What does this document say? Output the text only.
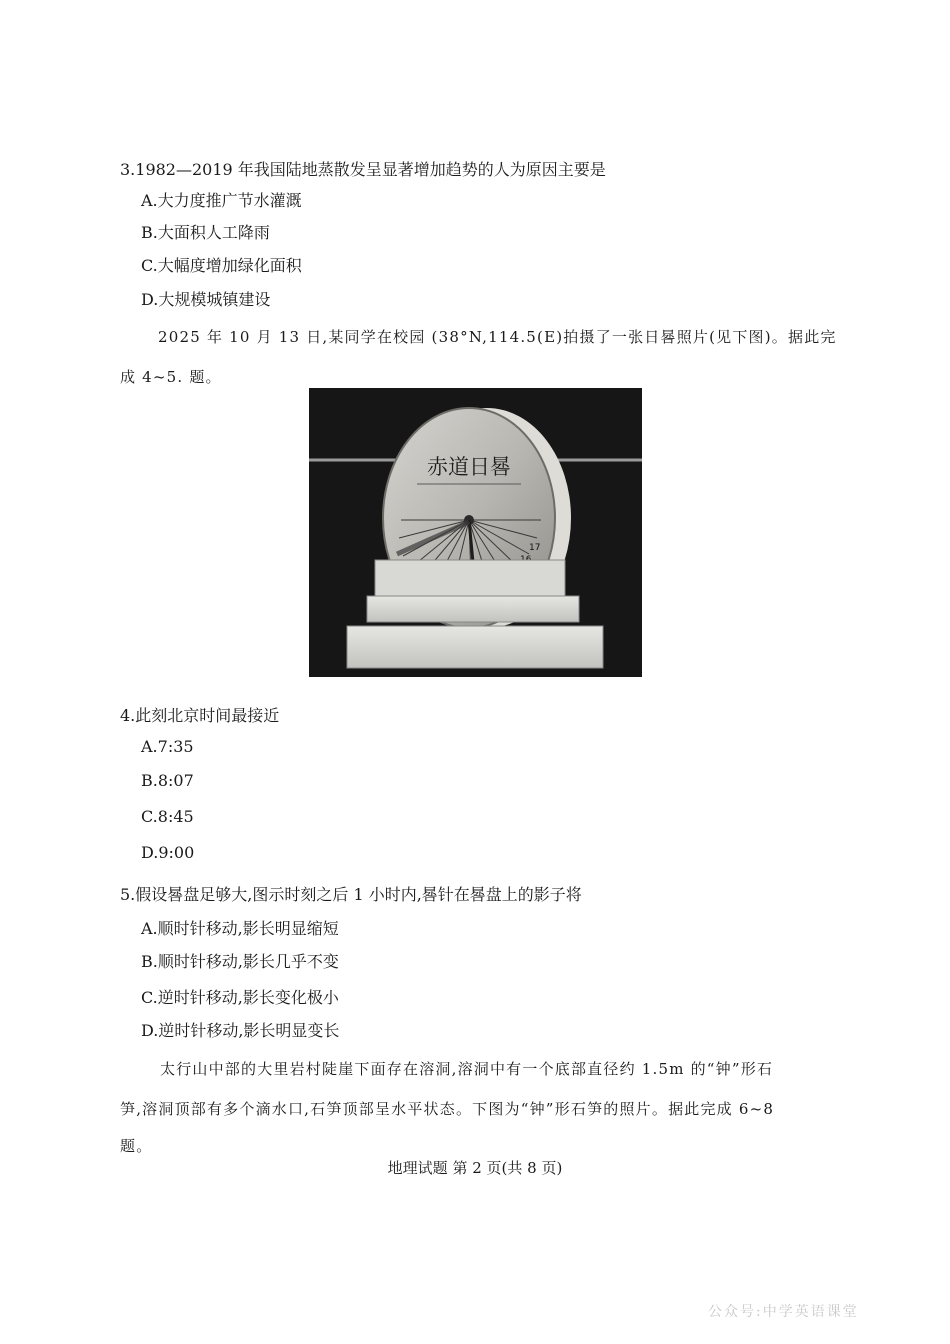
3.1982—2019 年我国陆地蒸散发呈显著增加趋势的人为原因主要是
A.大力度推广节水灌溉
B.大面积人工降雨
C.大幅度增加绿化面积
D.大规模城镇建设
2025 年 10 月 13 日,某同学在校园 (38°N,114.5(E)拍摄了一张日晷照片(见下图)。据此完
成 4~5. 题。
赤道日晷
17
4.此刻北京时间最接近
A.7:35
B.8:07
C.8:45
D.9:00
5.假设晷盘足够大,图示时刻之后 1 小时内,晷针在晷盘上的影子将
A.顺时针移动,影长明显缩短
B.顺时针移动,影长几乎不变
C.逆时针移动,影长变化极小
D.逆时针移动,影长明显变长
太行山中部的大里岩村陡崖下面存在溶洞,溶洞中有一个底部直径约 1.5m 的“钟”形石
笋,溶洞顶部有多个滴水口,石笋顶部呈水平状态。下图为“钟”形石笋的照片。据此完成 6~8
题。
地理试题 第 2 页(共 8 页)
公众号:中学英语课堂
